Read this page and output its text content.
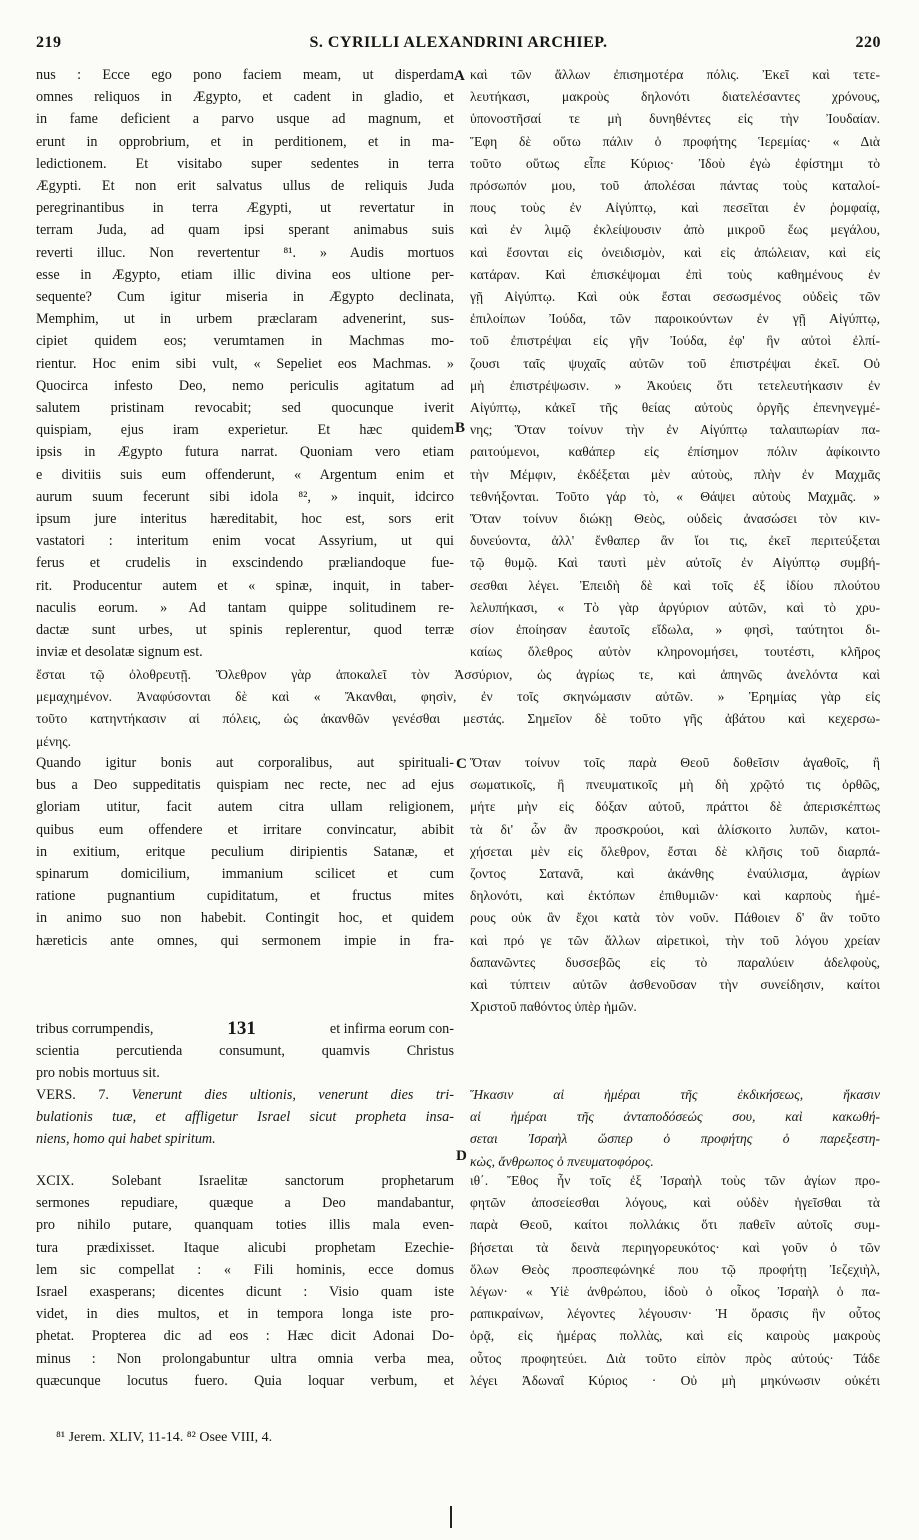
219	S. CYRILLI ALEXANDRINI ARCHIEP.	220
nus : Ecce ego pono faciem meam, ut disperdam
omnes reliquos in Ægypto, et cadent in gladio, et
in fame deficient a parvo usque ad magnum, et
erunt in opprobrium, et in perditionem, et in ma-
ledictionem. Et visitabo super sedentes in terra
Ægypti. Et non erit salvatus ullus de reliquis Juda
peregrinantibus in terra Ægypti, ut revertatur in
terram Juda, ad quam ipsi sperant animabus suis
reverti illuc. Non revertentur ⁸¹. » Audis mortuos
esse in Ægypto, etiam illic divina eos ultione per-
sequente? Cum igitur miseria in Ægypto declinata,
Memphim, ut in urbem præclaram advenerint, sus-
cipiet quidem eos; verumtamen in Machmas mo-
rientur. Hoc enim sibi vult, « Sepeliet eos Machmas. »
Quocirca infesto Deo, nemo periculis agitatum ad
salutem pristinam revocabit; sed quocunque iverit
quispiam, ejus iram experietur. Et hæc quidem
ipsis in Ægypto futura narrat. Quoniam vero etiam
e divitiis suis eum offenderunt, « Argentum enim et
aurum suum fecerunt sibi idola ⁸², » inquit, idcirco
ipsum jure interitus hæreditabit, hoc est, sors erit
vastatori : interitum enim vocat Assyrium, ut qui
ferus et crudelis in exscindendo præliandoque fue-
rit. Producentur autem et « spinæ, inquit, in taber-
naculis eorum. » Ad tantam quippe solitudinem re-
dactæ sunt urbes, ut spinis replerentur, quod terræ
inviæ et desolatæ signum est.
A καὶ τῶν ἄλλων ἐπισημοτέρα πόλις. Ἐκεῖ καὶ τετε-
λευτήκασι, μακροὺς δηλονότι διατελέσαντες χρόνους,
ὑπονοστῆσαί τε μὴ δυνηθέντες εἰς τὴν Ἰουδαίαν.
Ἔφη δὲ οὕτω πάλιν ὁ προφήτης Ἱερεμίας· « Διὰ
τοῦτο οὕτως εἶπε Κύριος· Ἰδοὺ ἐγὼ ἐφίστημι τὸ
πρόσωπόν μου, τοῦ ἀπολέσαι πάντας τοὺς καταλοί-
πους τοὺς ἐν Αἰγύπτῳ, καὶ πεσεῖται ἐν ῥομφαίᾳ,
καὶ ἐν λιμῷ ἐκλείψουσιν ἀπὸ μικροῦ ἕως μεγάλου,
καὶ ἔσονται εἰς ὀνειδισμὸν, καὶ εἰς ἀπώλειαν, καὶ εἰς
κατάραν. Καὶ ἐπισκέψομαι ἐπὶ τοὺς καθημένους ἐν
γῇ Αἰγύπτῳ. Καὶ οὐκ ἔσται σεσωσμένος οὐδεὶς τῶν
ἐπιλοίπων Ἰούδα, τῶν παροικούντων ἐν γῇ Αἰγύπτῳ,
τοῦ ἐπιστρέψαι εἰς γῆν Ἰούδα, ἐφ' ἣν αὐτοὶ ἐλπί-
ζουσι ταῖς ψυχαῖς αὐτῶν τοῦ ἐπιστρέψαι ἐκεῖ. Οὐ
μὴ ἐπιστρέψωσιν. » Ἀκούεις ὅτι τετελευτήκασιν ἐν
Αἰγύπτῳ, κἀκεῖ τῆς θείας αὐτοὺς ὀργῆς ἐπενηνεγμέ-
νης; Ὅταν τοίνυν τὴν ἐν Αἰγύπτῳ ταλαιπωρίαν πα-
ραιτούμενοι, καθάπερ εἰς ἐπίσημον πόλιν ἀφίκοιντο
τὴν Μέμφιν, ἐκδέξεται μὲν αὐτοὺς, πλὴν ἐν Μαχμᾶς
τεθνήξονται. Τοῦτο γάρ τὸ, « Θάψει αὐτοὺς Μαχμᾶς. »
Ὅταν τοίνυν διώκῃ Θεὸς, οὐδεὶς ἀνασώσει τὸν κιν-
δυνεύοντα, ἀλλ' ἔνθαπερ ἂν ἴοι τις, ἐκεῖ περιτεύξεται
τῷ θυμῷ. Καὶ ταυτὶ μὲν αὐτοῖς ἐν Αἰγύπτῳ συμβή-
σεσθαι λέγει. Ἐπειδὴ δὲ καὶ τοῖς ἐξ ἰδίου πλούτου
λελυπήκασι, « Τὸ γὰρ ἀργύριον αὐτῶν, καὶ τὸ χρυ-
σίον ἐποίησαν ἑαυτοῖς εἴδωλα, » φησὶ, ταύτητοι δι-
καίως ὄλεθρος αὐτὸν κληρονομήσει, τουτέστι, κλῆρος
B
ἔσται τῷ ὀλοθρευτῇ. Ὄλεθρον γὰρ ἀποκαλεῖ τὸν Ἀσσύριον, ὡς ἀγρίως τε, καὶ ἀπηνῶς ἀνελόντα καὶ
μεμαχημένον. Ἀναφύσονται δὲ καὶ « Ἄκανθαι, φησὶν, ἐν τοῖς σκηνώμασιν αὐτῶν. » Ἐρημίας γὰρ εἰς
τοῦτο κατηντήκασιν αἱ πόλεις, ὡς ἀκανθῶν γενέσθαι μεστάς. Σημεῖον δὲ τοῦτο γῆς ἀβάτου καὶ κεχερσω-
μένης.
Quando igitur bonis aut corporalibus, aut spirituali-
bus a Deo suppeditatis quispiam nec recte, nec ad ejus
gloriam utitur, facit autem citra ullam religionem,
quibus eum offendere et irritare convincatur, abibit
in exitium, eritque peculium diripientis Satanæ, et
spinarum domicilium, immanium scilicet et cum
ratione pugnantium cupiditatum, et fructus mites
in animo suo non habebit. Contingit hoc, et quidem
hæreticis ante omnes, qui sermonem impie in fra-
C Ὅταν τοίνυν τοῖς παρὰ Θεοῦ δοθεῖσιν ἀγαθοῖς, ἢ
σωματικοῖς, ἢ πνευματικοῖς μὴ δὴ χρῷτό τις ὀρθῶς,
μήτε μὴν εἰς δόξαν αὐτοῦ, πράττοι δὲ ἀπερισκέπτως
τὰ δι' ὧν ἂν προσκρούοι, καὶ ἁλίσκοιτο λυπῶν, κατοι-
χήσεται μὲν εἰς ὄλεθρον, ἔσται δὲ κλῆσις τοῦ διαρπά-
ζοντος Σατανᾶ, καὶ ἀκάνθης ἐναύλισμα, ἀγρίων
δηλονότι, καὶ ἐκτόπων ἐπιθυμιῶν· καὶ καρποὺς ἡμέ-
ρους οὐκ ἂν ἔχοι κατὰ τὸν νοῦν. Πάθοιεν δ' ἂν τοῦτο
καὶ πρό γε τῶν ἄλλων αἱρετικοὶ, τὴν τοῦ λόγου χρείαν
δαπανῶντες δυσσεβῶς εἰς τὸ παραλύειν ἀδελφοὺς,
καὶ τύπτειν αὐτῶν ἀσθενοῦσαν τὴν συνείδησιν, καίτοι
Χριστοῦ παθόντος ὑπὲρ ἡμῶν.
tribus corrumpendis,	131	et infirma eorum con-
scientia percutienda consumunt, quamvis Christus
pro nobis mortuus sit.
VERS. 7. Venerunt dies ultionis, venerunt dies tri-
bulationis tuæ, et affligetur Israel sicut propheta insa-
niens, homo qui habet spiritum.
Ἥκασιν αἱ ἡμέραι τῆς ἐκδικήσεως, ἥκασιν
αἱ ἡμέραι τῆς ἀνταποδόσεώς σου, καὶ κακωθή-
σεται Ἰσραὴλ ὥσπερ ὁ προφήτης ὁ παρεξεστη-
κὼς, ἄνθρωπος ὁ πνευματοφόρος.
D
XCIX. Solebant Israelitæ sanctorum prophetarum
sermones repudiare, quæque a Deo mandabantur,
pro nihilo putare, quanquam toties illis mala even-
tura prædixisset. Itaque alicubi prophetam Ezechie-
lem sic compellat : « Fili hominis, ecce domus
Israel exasperans; dicentes dicunt : Visio quam iste
videt, in dies multos, et in tempora longa iste pro-
phetat. Propterea dic ad eos : Hæc dicit Adonai Do-
minus : Non prolongabuntur ultra omnia verba mea,
quæcunque locutus fuero. Quia loquar verbum, et
ιθ΄. Ἔθος ἦν τοῖς ἐξ Ἰσραὴλ τοὺς τῶν ἁγίων προ-
φητῶν ἀποσείεσθαι λόγους, καὶ οὐδὲν ἡγεῖσθαι τὰ
παρὰ Θεοῦ, καίτοι πολλάκις ὅτι παθεῖν αὐτοῖς συμ-
βήσεται τὰ δεινὰ περιηγορευκότος· καὶ γοῦν ὁ τῶν
ὅλων Θεὸς προσπεφώνηκέ που τῷ προφήτῃ Ἰεζεχιὴλ,
λέγων· « Υἱὲ ἀνθρώπου, ἰδοὺ ὁ οἶκος Ἰσραὴλ ὁ πα-
ραπικραίνων, λέγοντες λέγουσιν· Ἡ ὅρασις ἣν οὗτος
ὁρᾷ, εἰς ἡμέρας πολλὰς, καὶ εἰς καιροὺς μακροὺς
οὗτος προφητεύει. Διὰ τοῦτο εἰπὸν πρὸς αὐτούς· Τάδε
λέγει Ἀδωναΐ Κύριος · Οὐ μὴ μηκύνωσιν οὐκέτι
⁸¹ Jerem. XLIV, 11-14. ⁸² Osee VIII, 4.
